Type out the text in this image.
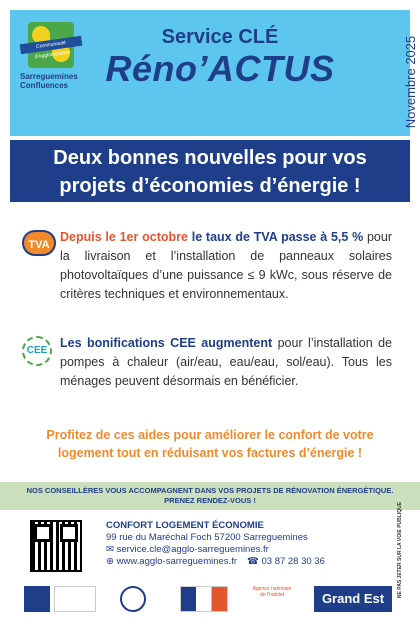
Communauté d'Agglomération
Sarreguemines Confluences
Service CLÉ
Réno’ACTUS	Novembre 2025
Deux bonnes nouvelles pour vos
projets d’économies d’énergie !
TVA
Depuis le 1er octobre le taux de TVA passe à 5,5 % pour la livraison et l’installation de panneaux solaires photovoltaïques d’une puissance ≤ 9 kWc, sous réserve de critères techniques et environnementaux.
CEE
Les bonifications CEE augmentent pour l’installation de pompes à chaleur (air/eau, eau/eau, sol/eau). Tous les ménages peuvent désormais en bénéficier.
Profitez de ces aides pour améliorer le confort de votre
logement tout en réduisant vos factures d’énergie !
NOS CONSEILLÈRES VOUS ACCOMPAGNENT DANS VOS PROJETS DE RÉNOVATION ÉNERGÉTIQUE.
PRENEZ RENDEZ-VOUS !
CONFORT LOGEMENT ÉCONOMIE
99 rue du Maréchal Foch 57200 Sarreguemines
✉ service.cle@agglo-sarreguemines.fr
⊕ www.agglo-sarreguemines.fr ☎ 03 87 28 30 36	NE PAS JETER SUR LA VOIE PUBLIQUE
Agence nationale de l'habitat	Grand Est
